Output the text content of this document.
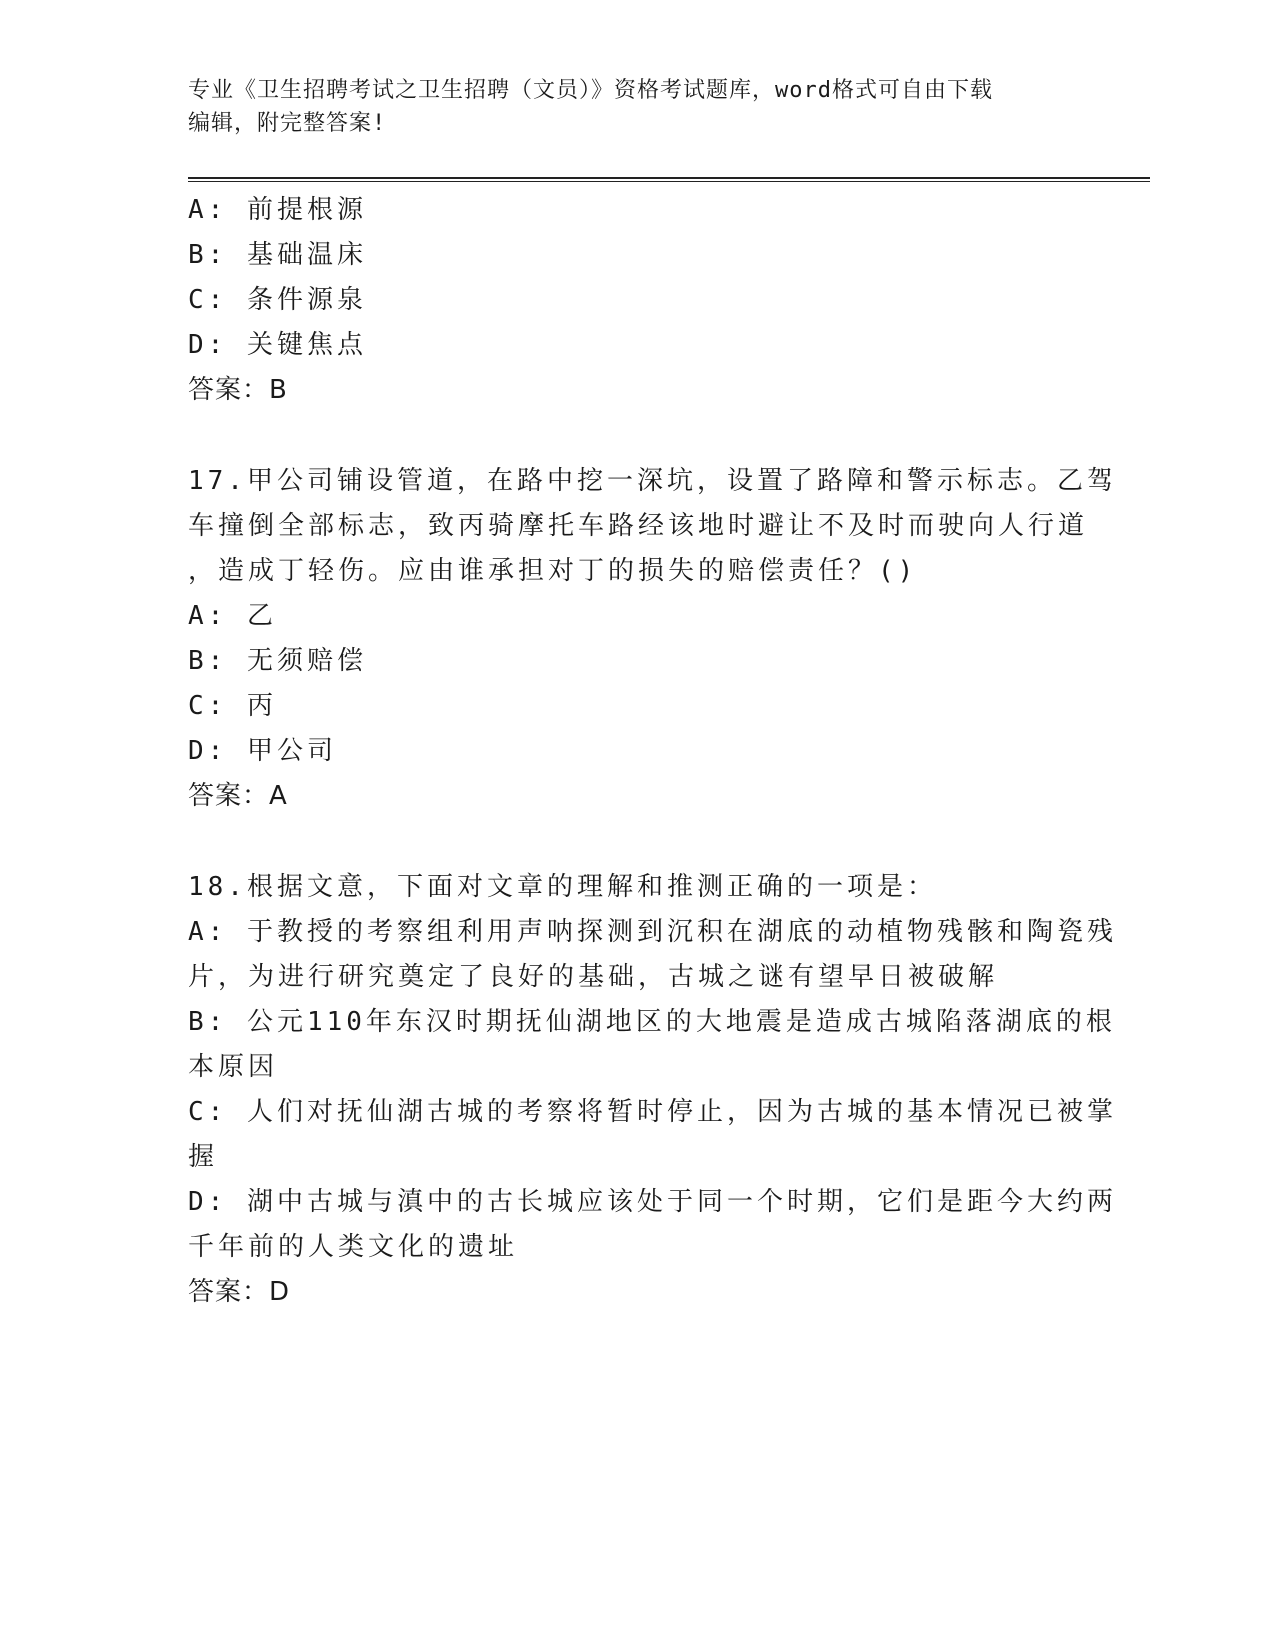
专业《卫生招聘考试之卫生招聘（文员）》资格考试题库，word格式可自由下载
编辑，附完整答案!
A: 前提根源
B: 基础温床
C: 条件源泉
D: 关键焦点
答案：B
17.甲公司铺设管道，在路中挖一深坑，设置了路障和警示标志。乙驾
车撞倒全部标志，致丙骑摩托车路经该地时避让不及时而驶向人行道
，造成丁轻伤。应由谁承担对丁的损失的赔偿责任？()
A: 乙
B: 无须赔偿
C: 丙
D: 甲公司
答案：A
18.根据文意，下面对文章的理解和推测正确的一项是：
A: 于教授的考察组利用声呐探测到沉积在湖底的动植物残骸和陶瓷残
片，为进行研究奠定了良好的基础，古城之谜有望早日被破解
B: 公元110年东汉时期抚仙湖地区的大地震是造成古城陷落湖底的根
本原因
C: 人们对抚仙湖古城的考察将暂时停止，因为古城的基本情况已被掌
握
D: 湖中古城与滇中的古长城应该处于同一个时期，它们是距今大约两
千年前的人类文化的遗址
答案：D
